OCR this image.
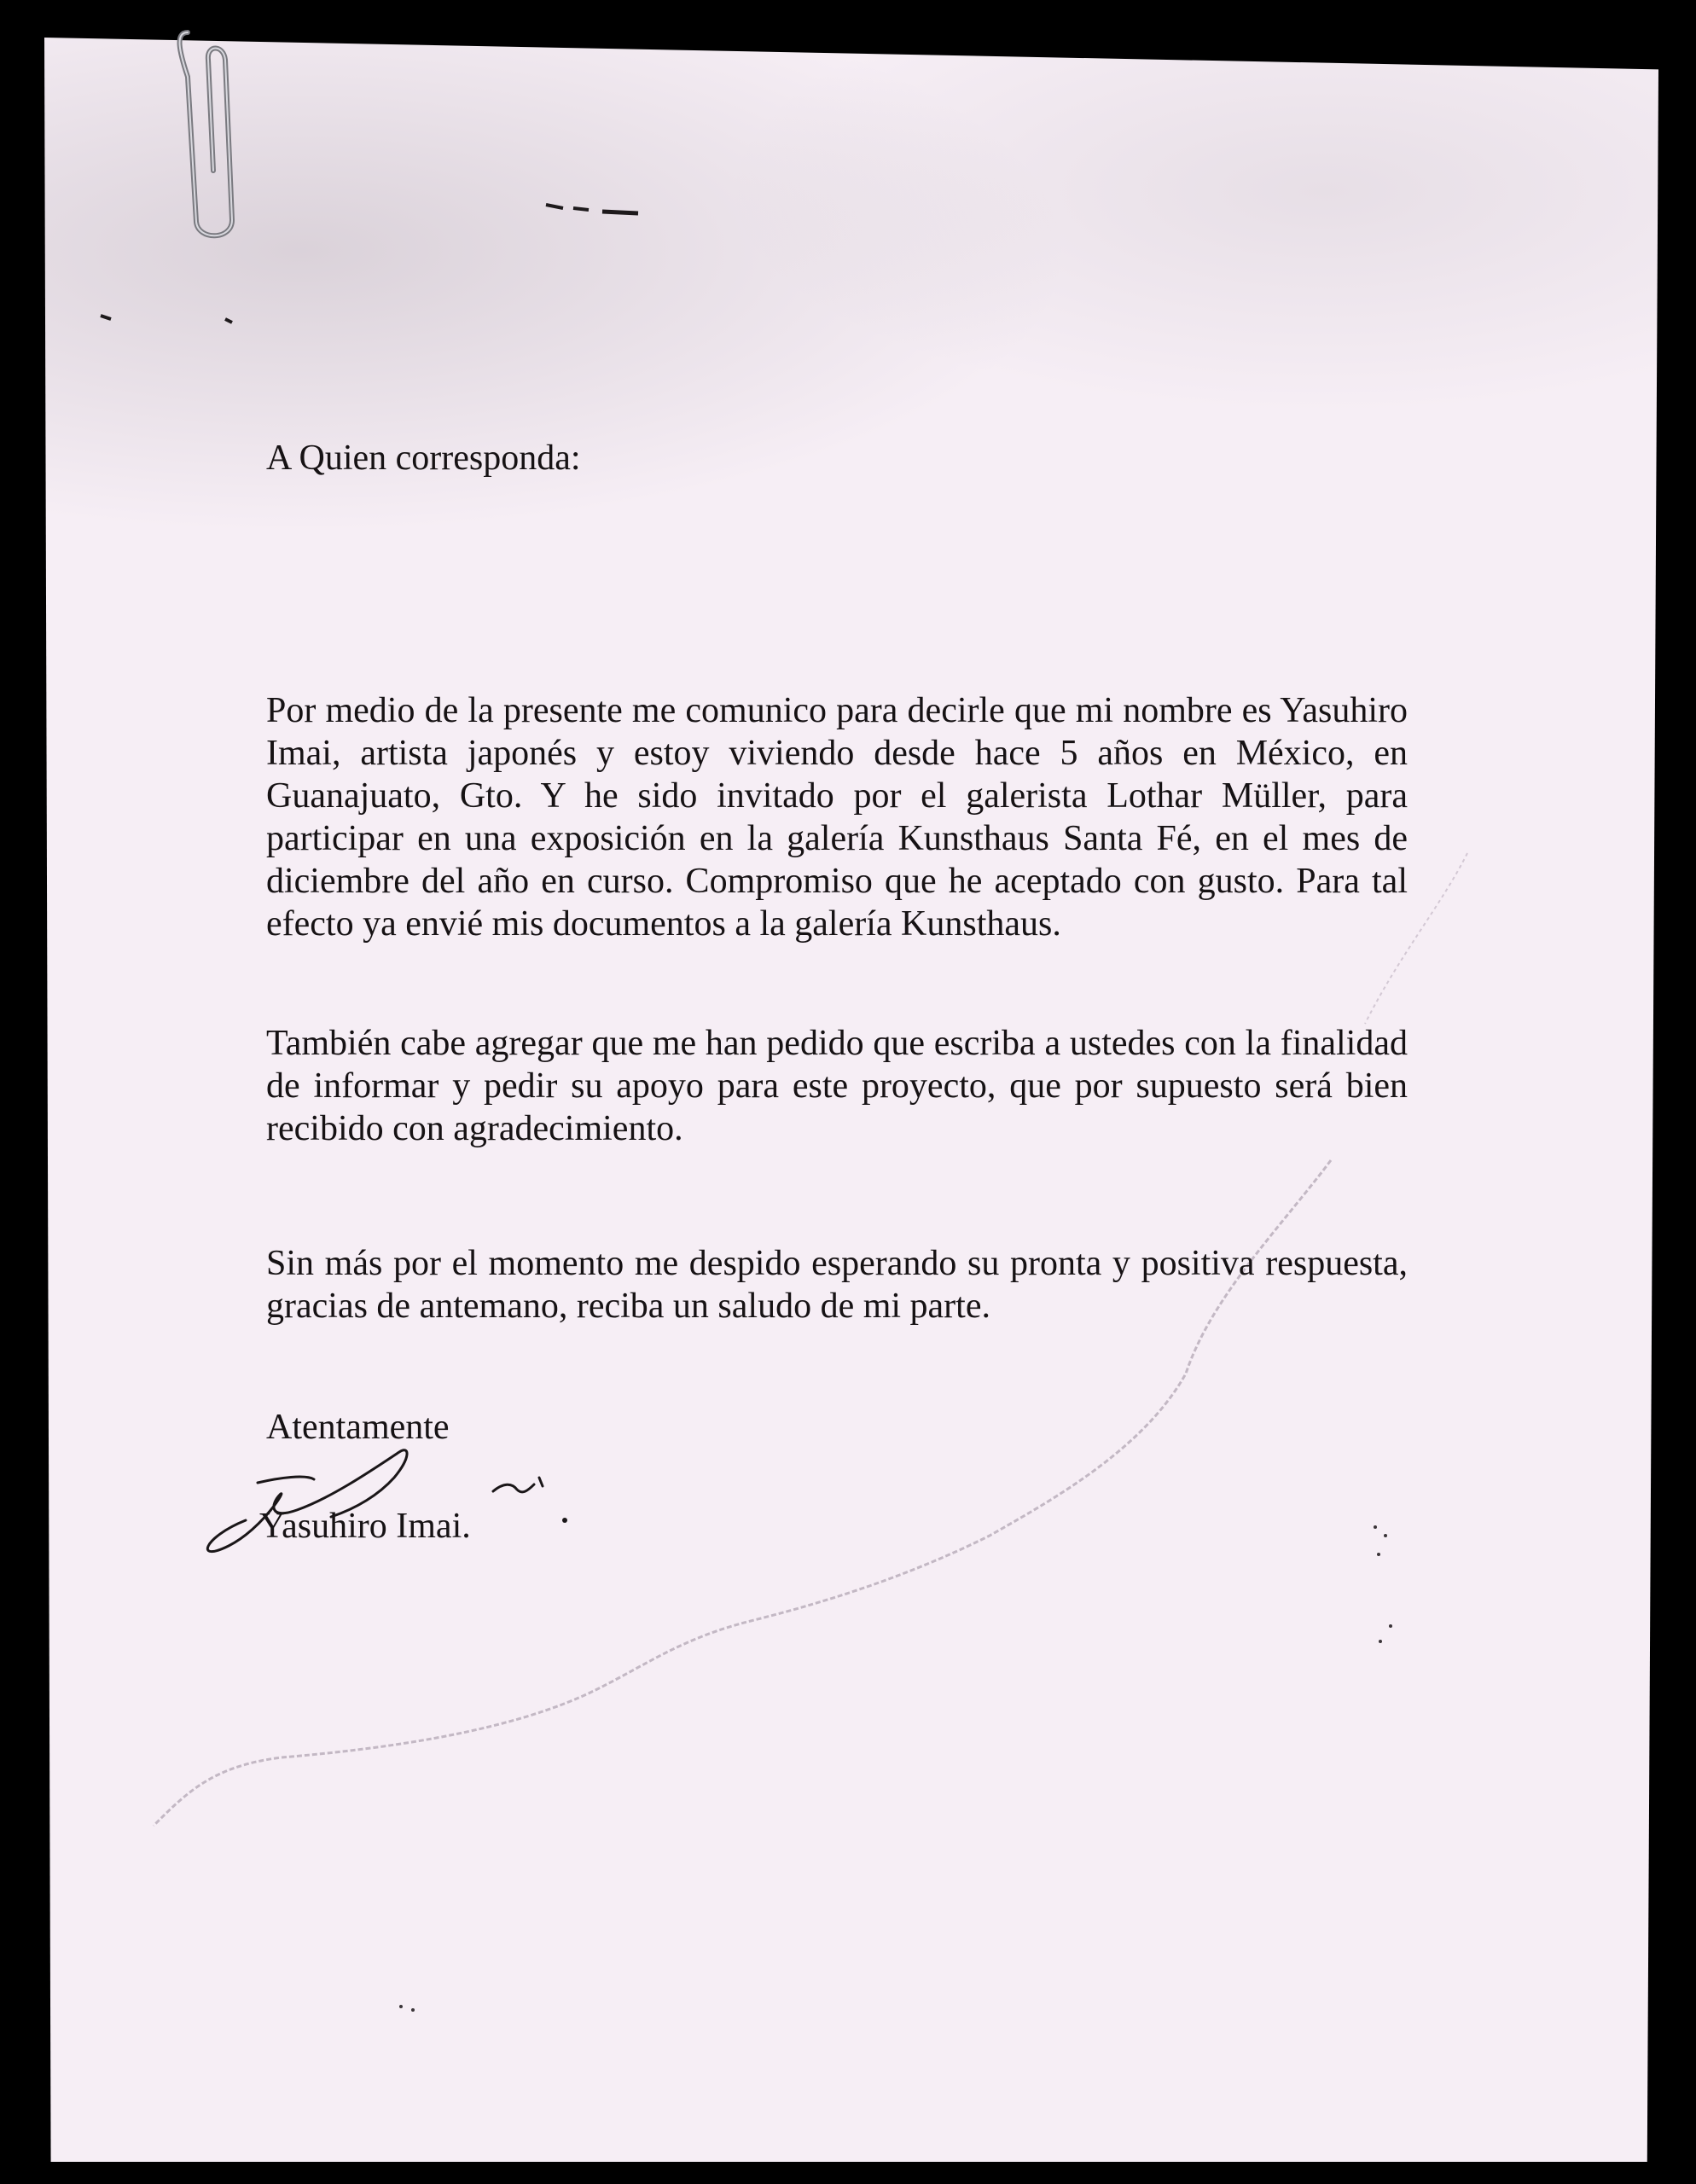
A Quien corresponda:

Por medio de la presente me comunico para decirle que mi nombre es Yasuhiro Imai, artista japonés y estoy viviendo desde hace 5 años en México, en Guanajuato, Gto. Y he sido invitado por el galerista Lothar Müller, para participar en una exposición en la galería Kunsthaus Santa Fé, en el mes de diciembre del año en curso. Compromiso que he aceptado con gusto. Para tal efecto ya envié mis documentos a la galería Kunsthaus.

También cabe agregar que me han pedido que escriba a ustedes con la finalidad de informar y pedir su apoyo para este proyecto, que por supuesto será bien recibido con agradecimiento.

Sin más por el momento me despido esperando su pronta y positiva respuesta, gracias de antemano, reciba un saludo de mi parte.

Atentamente
Yasuhiro Imai.
